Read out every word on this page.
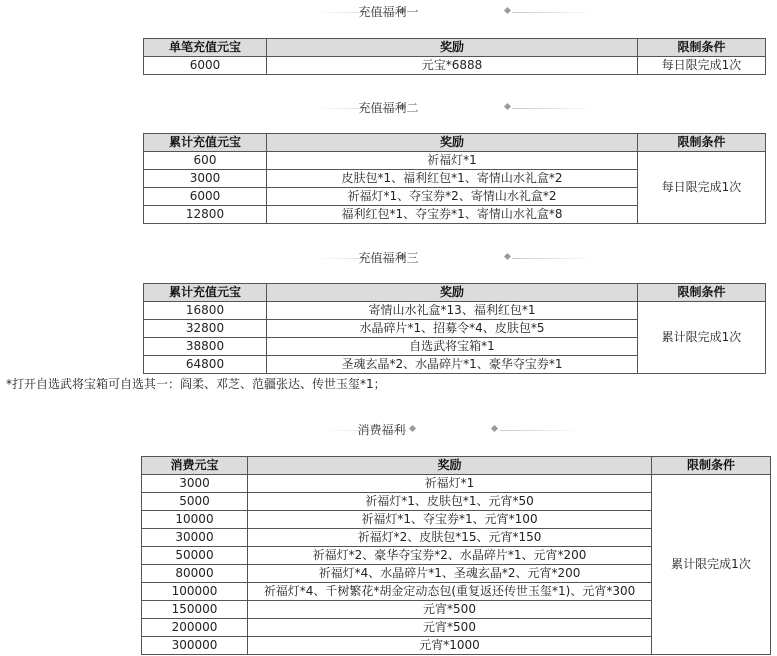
充值福利一
单笔充值元宝	奖励	限制条件
6000	元宝*6888	每日限完成1次
充值福利二
累计充值元宝	奖励	限制条件
600	祈福灯*1	每日限完成1次
3000	皮肤包*1、福利红包*1、寄情山水礼盒*2	
6000	祈福灯*1、夺宝券*2、寄情山水礼盒*2	
12800	福利红包*1、夺宝券*1、寄情山水礼盒*8	
充值福利三
累计充值元宝	奖励	限制条件
16800	寄情山水礼盒*13、福利红包*1	累计限完成1次
32800	水晶碎片*1、招募令*4、皮肤包*5	
38800	自选武将宝箱*1	
64800	圣魂玄晶*2、水晶碎片*1、豪华夺宝券*1	
*打开自选武将宝箱可自选其一：阎柔、邓芝、范疆张达、传世玉玺*1；
消费福利
消费元宝	奖励	限制条件
3000	祈福灯*1	累计限完成1次
5000	祈福灯*1、皮肤包*1、元宵*50	
10000	祈福灯*1、夺宝券*1、元宵*100	
30000	祈福灯*2、皮肤包*15、元宵*150	
50000	祈福灯*2、豪华夺宝券*2、水晶碎片*1、元宵*200	
80000	祈福灯*4、水晶碎片*1、圣魂玄晶*2、元宵*200	
100000	祈福灯*4、千树繁花*胡金定动态包(重复返还传世玉玺*1)、元宵*300	
150000	元宵*500	
200000	元宵*500	
300000	元宵*1000	
